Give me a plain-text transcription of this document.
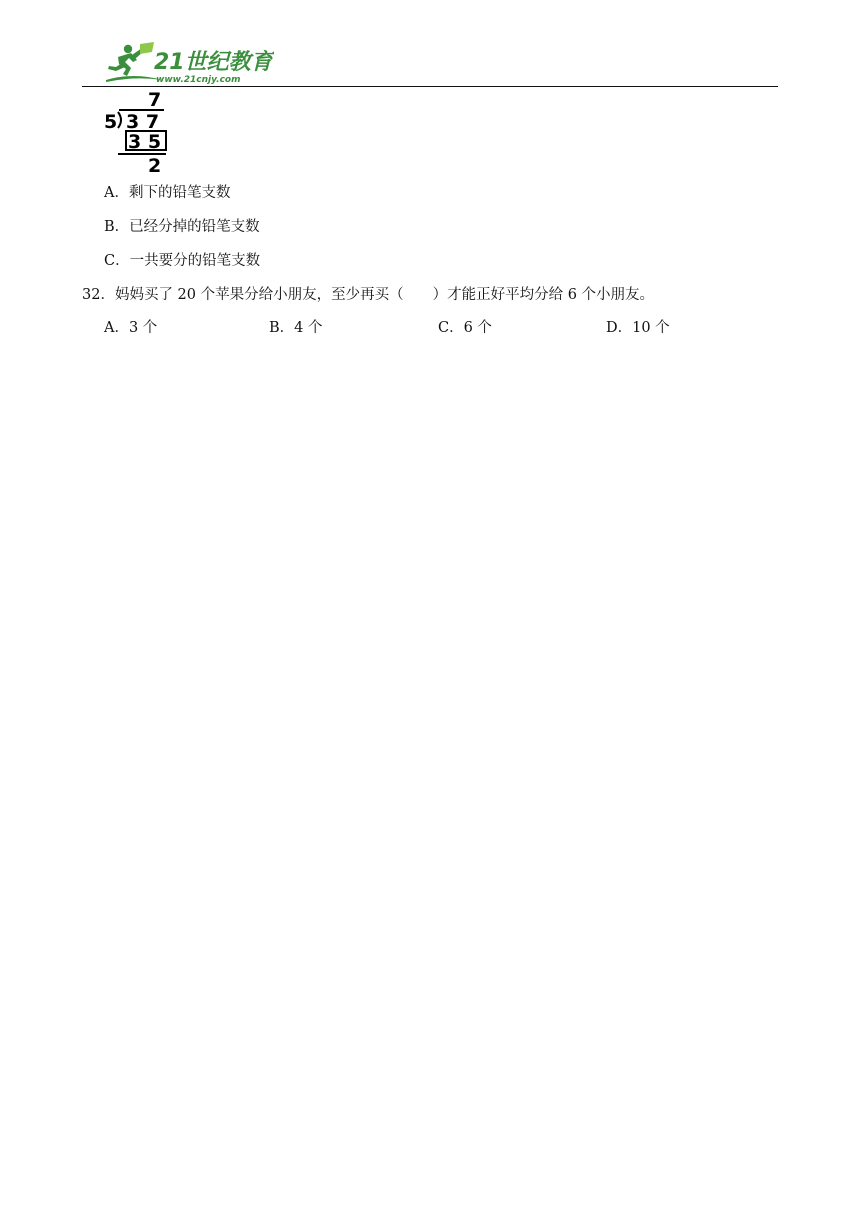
21世纪教育
www.21cnjy.com
7
5 3 7
3 5
2
A．剩下的铅笔支数
B．已经分掉的铅笔支数
C．一共要分的铅笔支数
32．妈妈买了 20 个苹果分给小朋友，至少再买（　　）才能正好平均分给 6 个小朋友。
A．3 个	B．4 个	C．6 个	D．10 个
